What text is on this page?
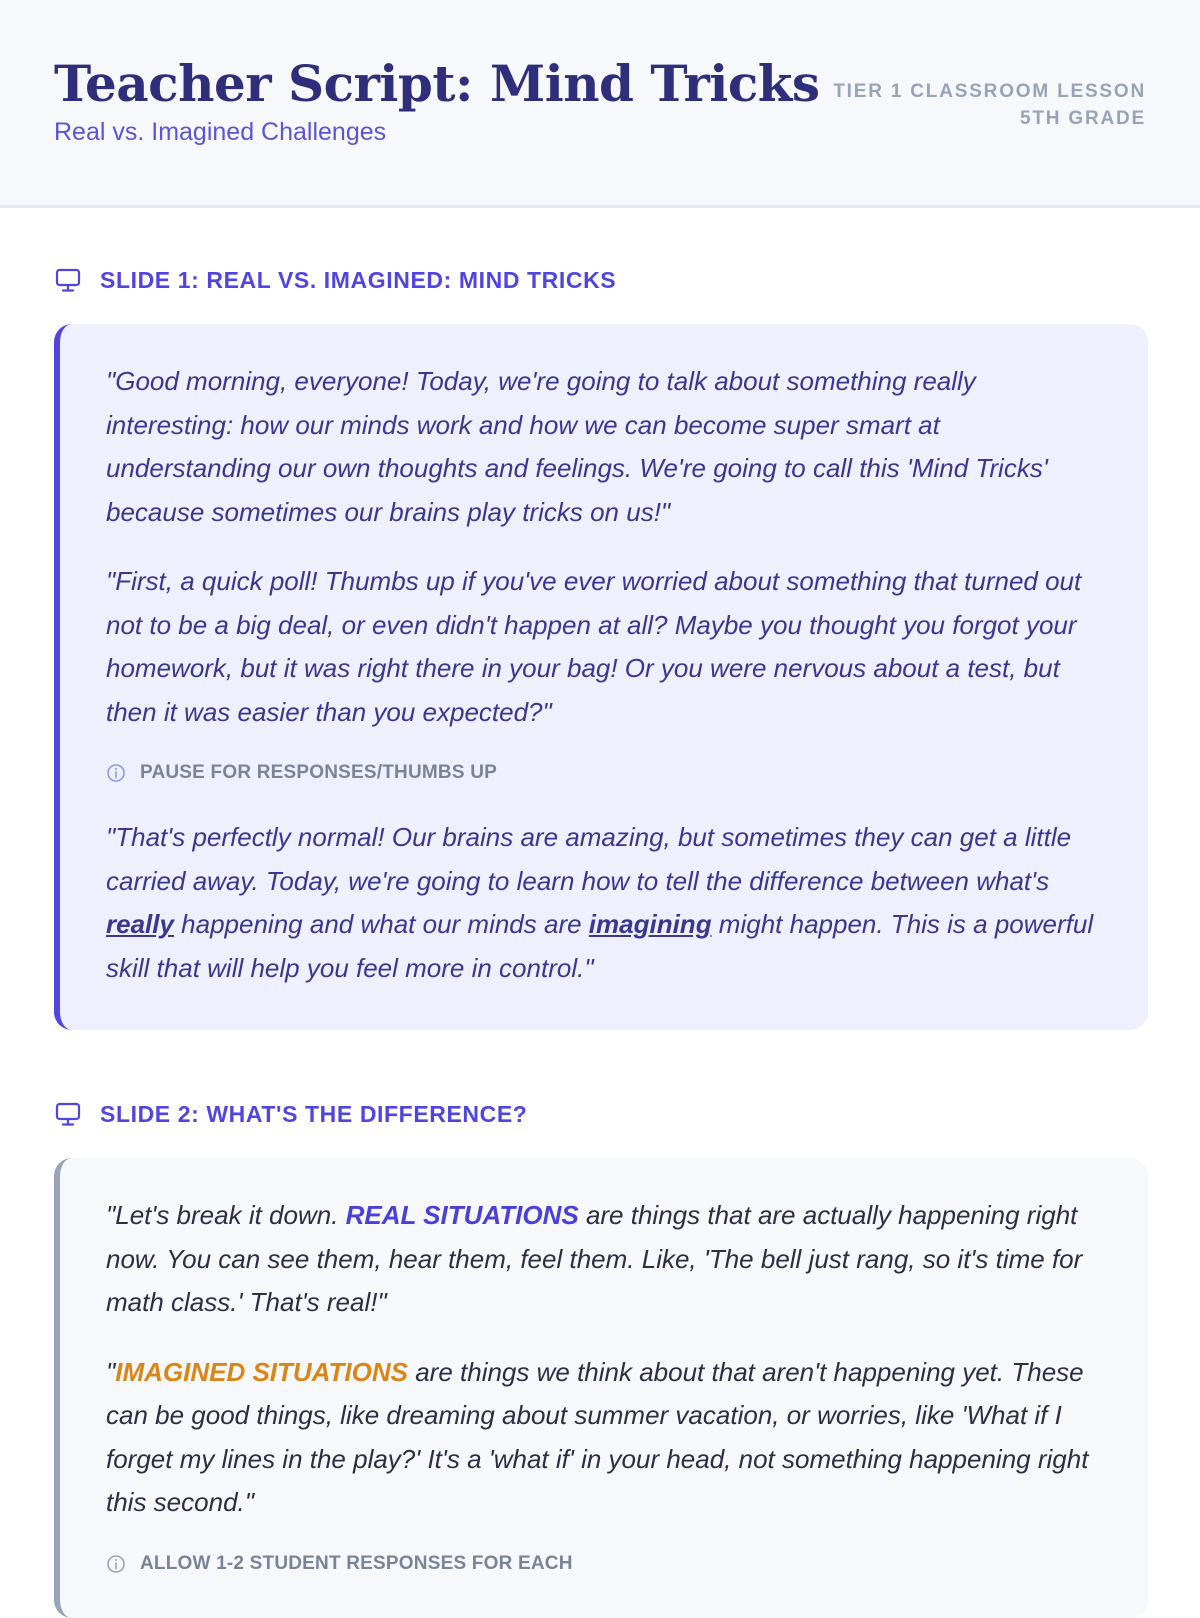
Teacher Script: Mind Tricks
Real vs. Imagined Challenges
TIER 1 CLASSROOM LESSON
5TH GRADE
SLIDE 1: REAL VS. IMAGINED: MIND TRICKS

"Good morning, everyone! Today, we're going to talk about something really interesting: how our minds work and how we can become super smart at understanding our own thoughts and feelings. We're going to call this 'Mind Tricks' because sometimes our brains play tricks on us!"

"First, a quick poll! Thumbs up if you've ever worried about something that turned out not to be a big deal, or even didn't happen at all? Maybe you thought you forgot your homework, but it was right there in your bag! Or you were nervous about a test, but then it was easier than you expected?"

PAUSE FOR RESPONSES/THUMBS UP

"That's perfectly normal! Our brains are amazing, but sometimes they can get a little carried away. Today, we're going to learn how to tell the difference between what's really happening and what our minds are imagining might happen. This is a powerful skill that will help you feel more in control."

SLIDE 2: WHAT'S THE DIFFERENCE?

"Let's break it down. REAL SITUATIONS are things that are actually happening right now. You can see them, hear them, feel them. Like, 'The bell just rang, so it's time for math class.' That's real!"

"IMAGINED SITUATIONS are things we think about that aren't happening yet. These can be good things, like dreaming about summer vacation, or worries, like 'What if I forget my lines in the play?' It's a 'what if' in your head, not something happening right this second."

ALLOW 1-2 STUDENT RESPONSES FOR EACH
